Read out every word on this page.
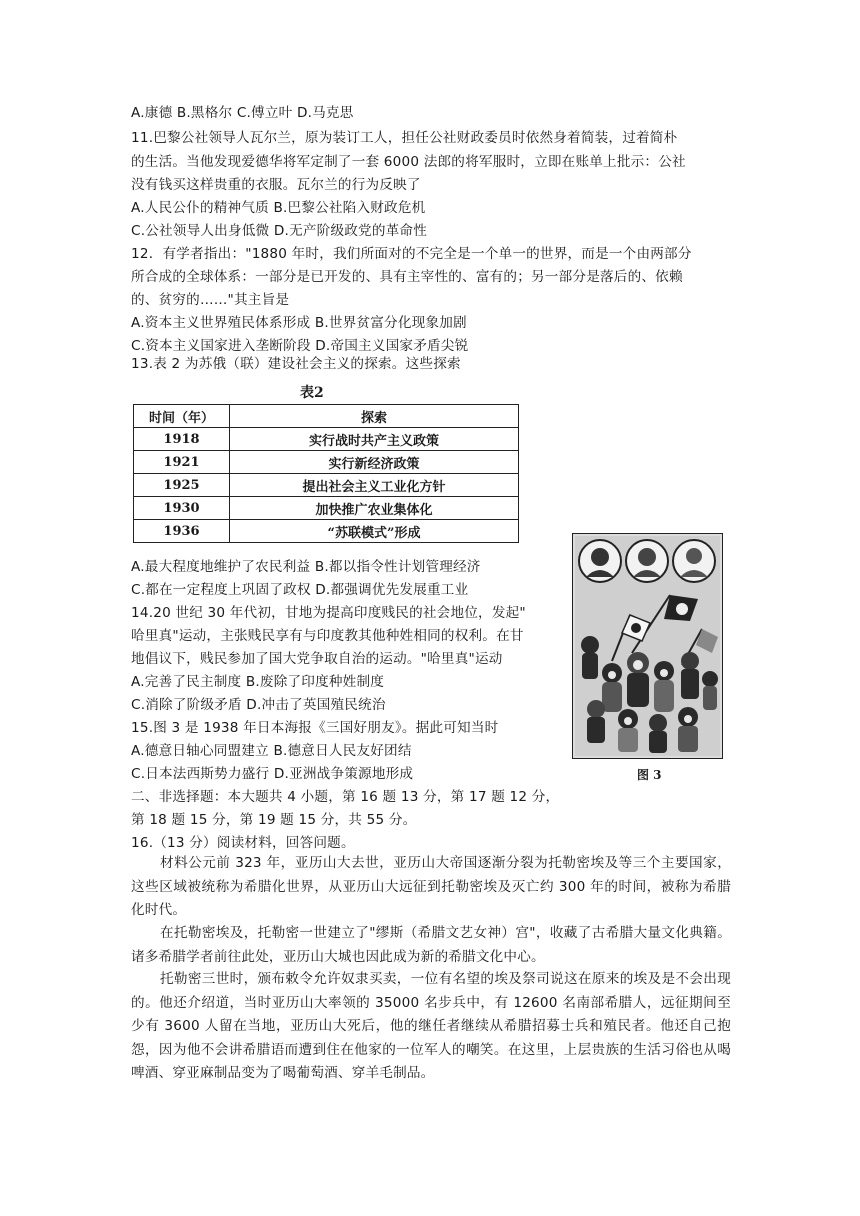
A.康德 B.黑格尔 C.傅立叶 D.马克思
11.巴黎公社领导人瓦尔兰，原为装订工人，担任公社财政委员时依然身着简装，过着简朴
的生活。当他发现爱德华将军定制了一套 6000 法郎的将军服时，立即在账单上批示：公社
没有钱买这样贵重的衣服。瓦尔兰的行为反映了
A.人民公仆的精神气质 B.巴黎公社陷入财政危机
C.公社领导人出身低微 D.无产阶级政党的革命性
12．有学者指出："1880 年时，我们所面对的不完全是一个单一的世界，而是一个由两部分
所合成的全球体系：一部分是已开发的、具有主宰性的、富有的；另一部分是落后的、依赖
的、贫穷的……"其主旨是
A.资本主义世界殖民体系形成 B.世界贫富分化现象加剧
C.资本主义国家进入垄断阶段 D.帝国主义国家矛盾尖锐
13.表 2 为苏俄（联）建设社会主义的探索。这些探索
表2
时间（年）	探索
1918	实行战时共产主义政策
1921	实行新经济政策
1925	提出社会主义工业化方针
1930	加快推广农业集体化
1936	“苏联模式”形成
A.最大程度地维护了农民利益 B.都以指令性计划管理经济
C.都在一定程度上巩固了政权 D.都强调优先发展重工业
14.20 世纪 30 年代初，甘地为提高印度贱民的社会地位，发起"
哈里真"运动，主张贱民享有与印度教其他种姓相同的权利。在甘
地倡议下，贱民参加了国大党争取自治的运动。"哈里真"运动
A.完善了民主制度 B.废除了印度种姓制度
C.消除了阶级矛盾 D.冲击了英国殖民统治
15.图 3 是 1938 年日本海报《三国好朋友》。据此可知当时
A.德意日轴心同盟建立 B.德意日人民友好团结
C.日本法西斯势力盛行 D.亚洲战争策源地形成	图 3
二、非选择题：本大题共 4 小题，第 16 题 13 分，第 17 题 12 分，
第 18 题 15 分，第 19 题 15 分，共 55 分。
16.（13 分）阅读材料，回答问题。
材料公元前 323 年，亚历山大去世，亚历山大帝国逐渐分裂为托勒密埃及等三个主要国家，这些区域被统称为希腊化世界，从亚历山大远征到托勒密埃及灭亡约 300 年的时间，被称为希腊化时代。
在托勒密埃及，托勒密一世建立了"缪斯（希腊文艺女神）宫"，收藏了古希腊大量文化典籍。诸多希腊学者前往此处，亚历山大城也因此成为新的希腊文化中心。
托勒密三世时，颁布敕令允许奴隶买卖，一位有名望的埃及祭司说这在原来的埃及是不会出现的。他还介绍道，当时亚历山大率领的 35000 名步兵中，有 12600 名南部希腊人，远征期间至少有 3600 人留在当地，亚历山大死后，他的继任者继续从希腊招募士兵和殖民者。他还自己抱怨，因为他不会讲希腊语而遭到住在他家的一位军人的嘲笑。在这里，上层贵族的生活习俗也从喝啤酒、穿亚麻制品变为了喝葡萄酒、穿羊毛制品。
